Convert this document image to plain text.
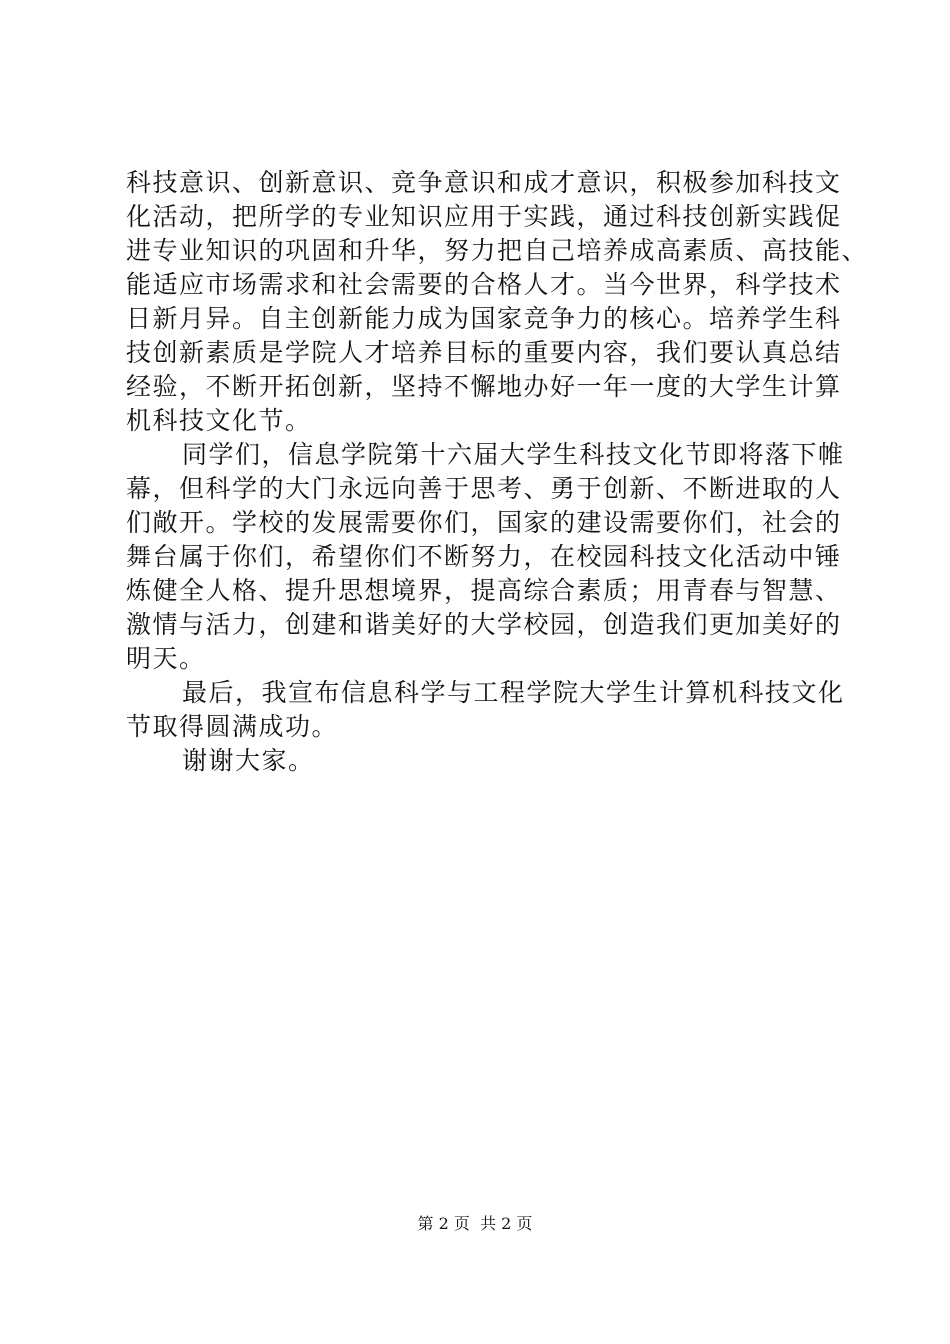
科技意识、创新意识、竞争意识和成才意识，积极参加科技文
化活动，把所学的专业知识应用于实践，通过科技创新实践促
进专业知识的巩固和升华，努力把自己培养成高素质、高技能、
能适应市场需求和社会需要的合格人才。当今世界，科学技术
日新月异。自主创新能力成为国家竞争力的核心。培养学生科
技创新素质是学院人才培养目标的重要内容，我们要认真总结
经验，不断开拓创新，坚持不懈地办好一年一度的大学生计算
机科技文化节。
同学们，信息学院第十六届大学生科技文化节即将落下帷
幕，但科学的大门永远向善于思考、勇于创新、不断进取的人
们敞开。学校的发展需要你们，国家的建设需要你们，社会的
舞台属于你们，希望你们不断努力，在校园科技文化活动中锤
炼健全人格、提升思想境界，提高综合素质；用青春与智慧、
激情与活力，创建和谐美好的大学校园，创造我们更加美好的
明天。
最后，我宣布信息科学与工程学院大学生计算机科技文化
节取得圆满成功。
谢谢大家。
第 2 页  共 2 页
